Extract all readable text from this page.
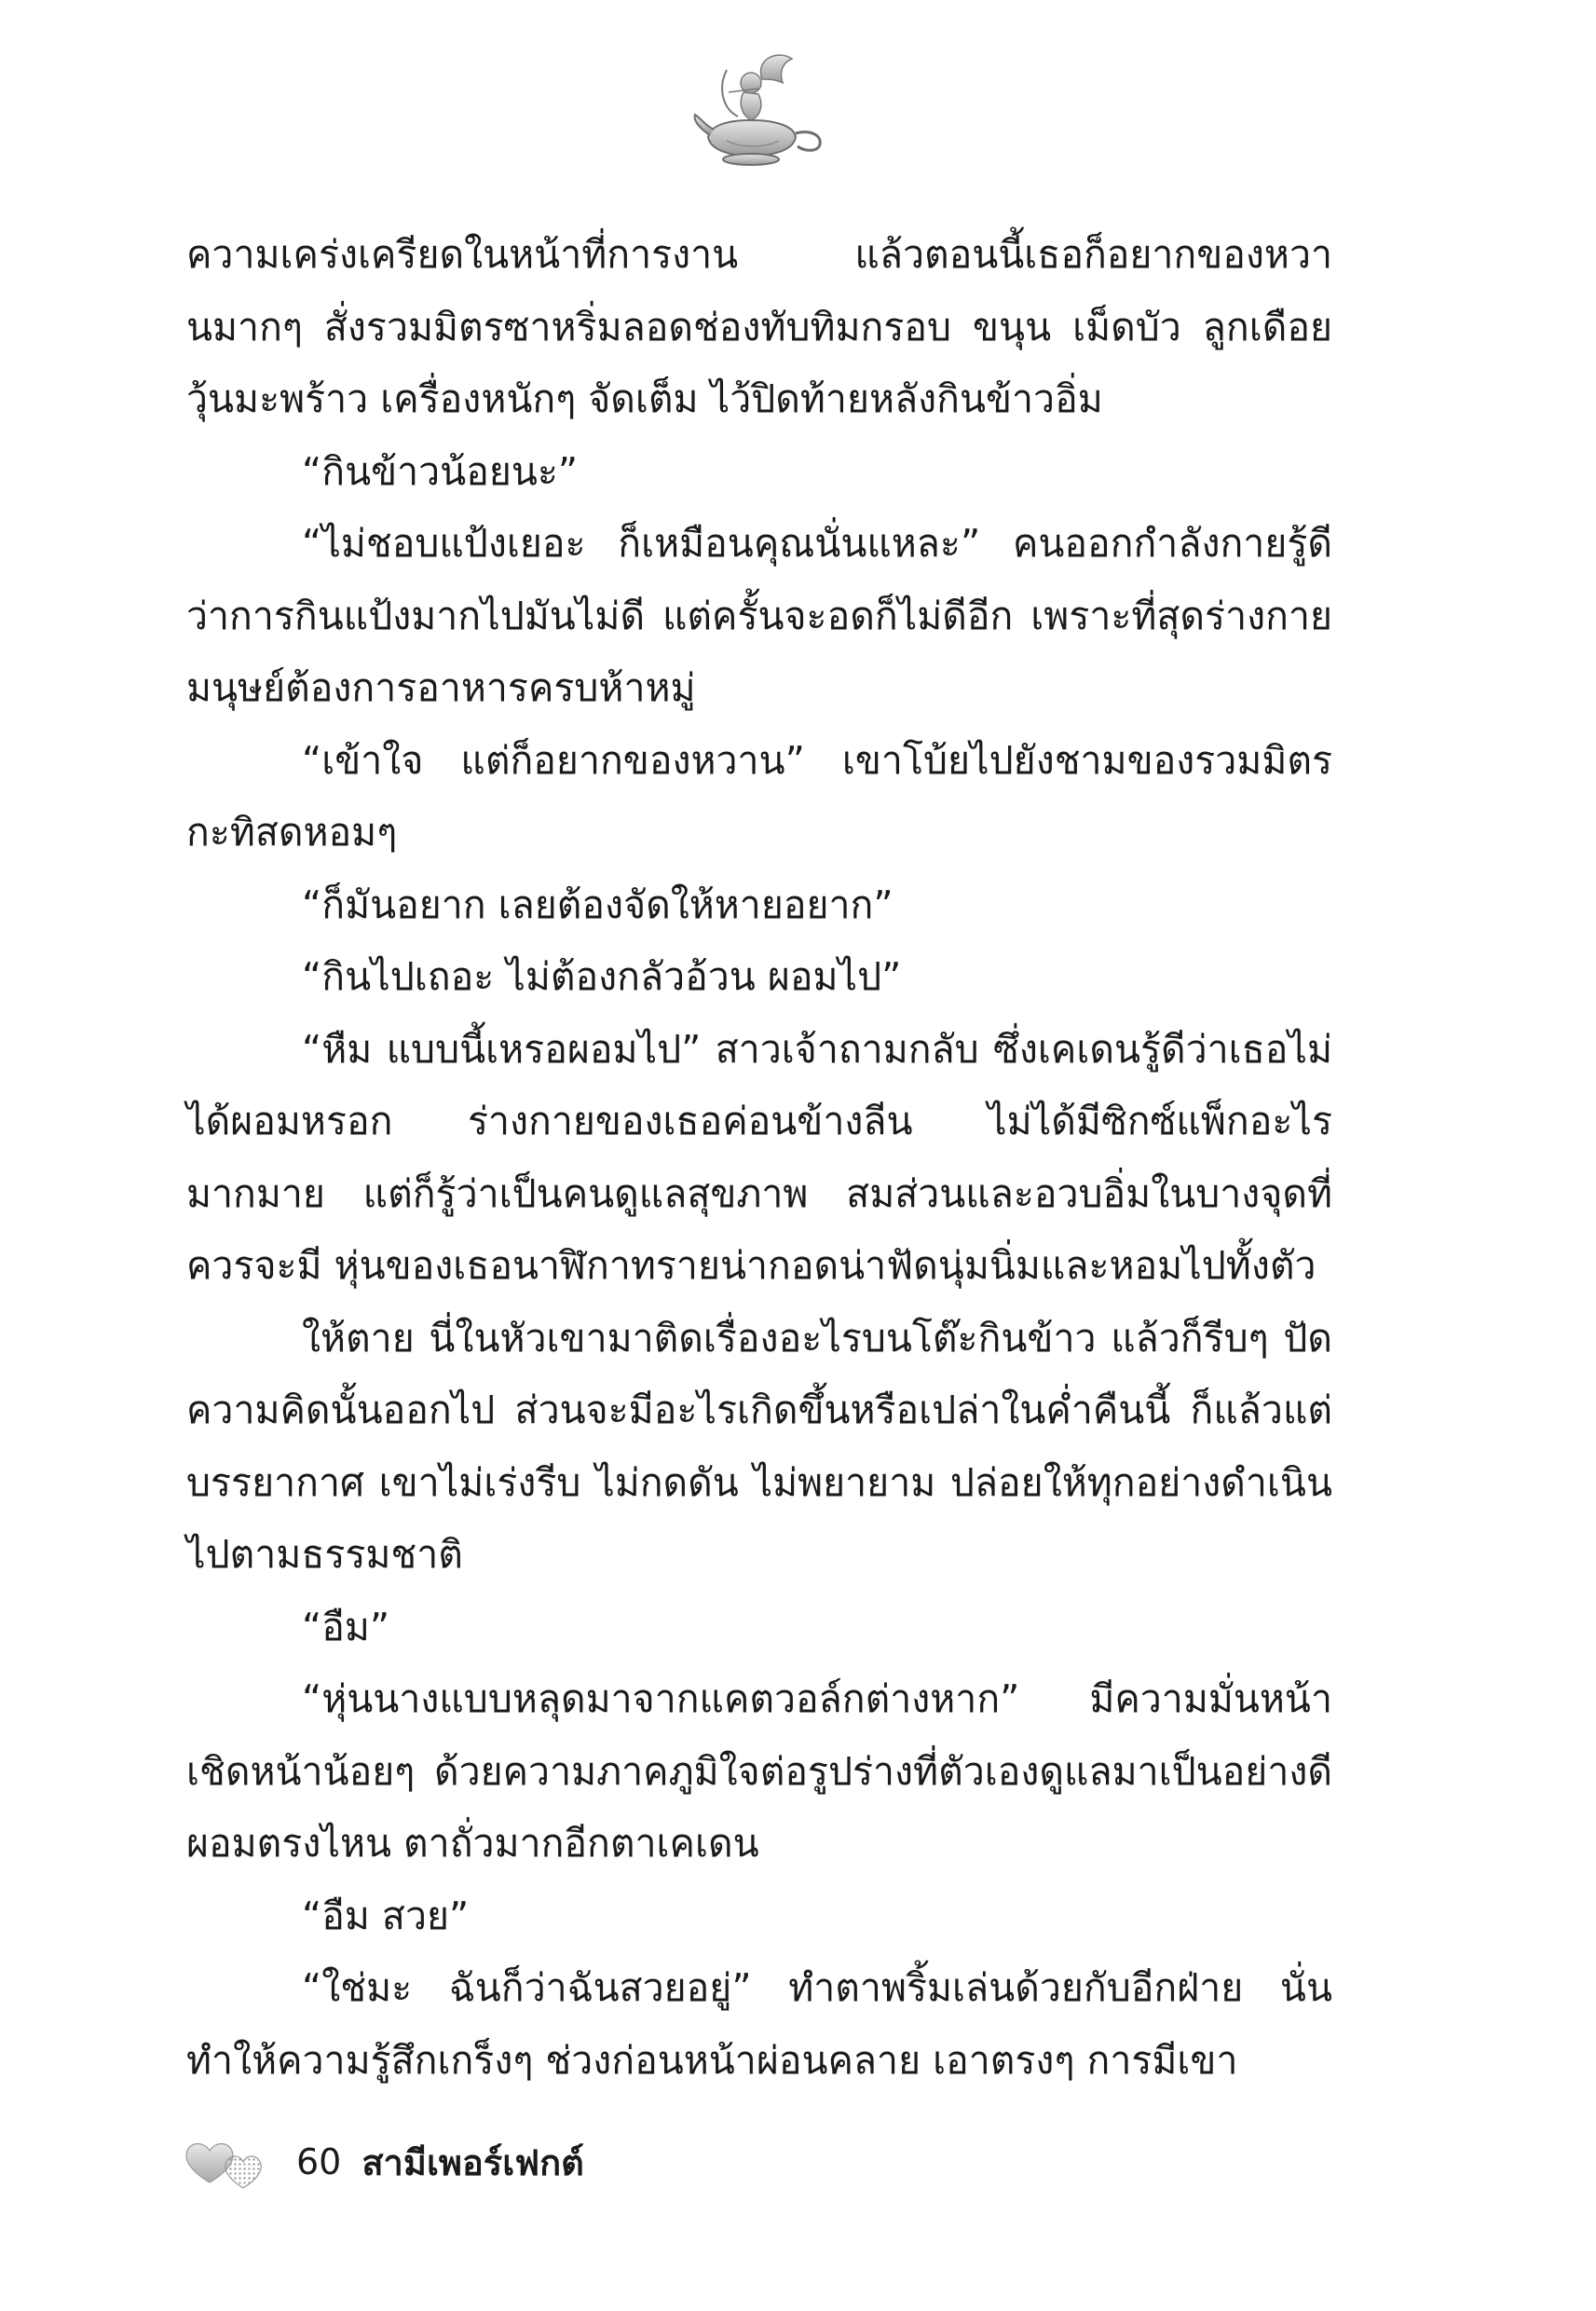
ความเคร่งเครียดในหน้าที่การงาน แล้วตอนนี้เธอก็อยากของหวานมากๆ สั่งรวมมิตรซาหริ่มลอดช่องทับทิมกรอบ ขนุน เม็ดบัว ลูกเดือย วุ้นมะพร้าว เครื่องหนักๆ จัดเต็ม ไว้ปิดท้ายหลังกินข้าวอิ่ม

“กินข้าวน้อยนะ”

“ไม่ชอบแป้งเยอะ ก็เหมือนคุณนั่นแหละ” คนออกกำลังกายรู้ดีว่าการกินแป้งมากไปมันไม่ดี แต่ครั้นจะอดก็ไม่ดีอีก เพราะที่สุดร่างกายมนุษย์ต้องการอาหารครบห้าหมู่

“เข้าใจ แต่ก็อยากของหวาน” เขาโบ้ยไปยังชามของรวมมิตรกะทิสดหอมๆ

“ก็มันอยาก เลยต้องจัดให้หายอยาก”

“กินไปเถอะ ไม่ต้องกลัวอ้วน ผอมไป”

“หืม แบบนี้เหรอผอมไป” สาวเจ้าถามกลับ ซึ่งเคเดนรู้ดีว่าเธอไม่ได้ผอมหรอก ร่างกายของเธอค่อนข้างลีน ไม่ได้มีซิกซ์แพ็กอะไรมากมาย แต่ก็รู้ว่าเป็นคนดูแลสุขภาพ สมส่วนและอวบอิ่มในบางจุดที่ควรจะมี หุ่นของเธอนาฬิกาทรายน่ากอดน่าฟัดนุ่มนิ่มและหอมไปทั้งตัว

ให้ตาย นี่ในหัวเขามาติดเรื่องอะไรบนโต๊ะกินข้าว แล้วก็รีบๆ ปัดความคิดนั้นออกไป ส่วนจะมีอะไรเกิดขึ้นหรือเปล่าในค่ำคืนนี้ ก็แล้วแต่บรรยากาศ เขาไม่เร่งรีบ ไม่กดดัน ไม่พยายาม ปล่อยให้ทุกอย่างดำเนินไปตามธรรมชาติ

“อืม”

“หุ่นนางแบบหลุดมาจากแคตวอล์กต่างหาก” มีความมั่นหน้าเชิดหน้าน้อยๆ ด้วยความภาคภูมิใจต่อรูปร่างที่ตัวเองดูแลมาเป็นอย่างดี ผอมตรงไหน ตาถั่วมากอีกตาเคเดน

“อืม สวย”

“ใช่มะ ฉันก็ว่าฉันสวยอยู่” ทำตาพริ้มเล่นด้วยกับอีกฝ่าย นั่นทำให้ความรู้สึกเกร็งๆ ช่วงก่อนหน้าผ่อนคลาย เอาตรงๆ การมีเขา

60 สามีเพอร์เฟกต์
